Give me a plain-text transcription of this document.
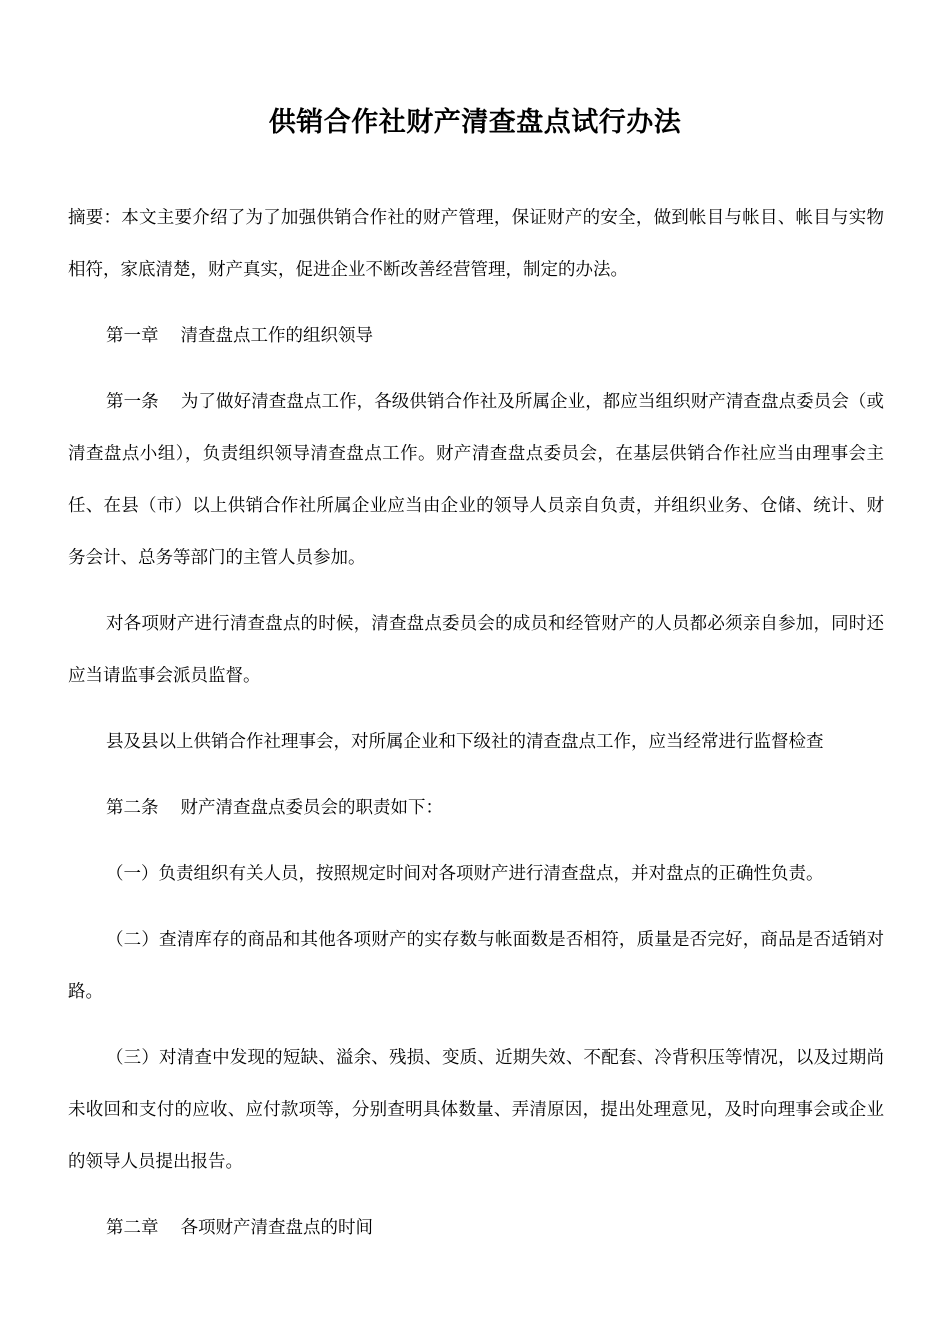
供销合作社财产清查盘点试行办法

摘要：本文主要介绍了为了加强供销合作社的财产管理，保证财产的安全，做到帐目与帐目、帐目与实物相符，家底清楚，财产真实，促进企业不断改善经营管理，制定的办法。

第一章 清查盘点工作的组织领导

第一条 为了做好清查盘点工作，各级供销合作社及所属企业，都应当组织财产清查盘点委员会（或清查盘点小组），负责组织领导清查盘点工作。财产清查盘点委员会，在基层供销合作社应当由理事会主任、在县（市）以上供销合作社所属企业应当由企业的领导人员亲自负责，并组织业务、仓储、统计、财务会计、总务等部门的主管人员参加。

对各项财产进行清查盘点的时候，清查盘点委员会的成员和经管财产的人员都必须亲自参加，同时还应当请监事会派员监督。

县及县以上供销合作社理事会，对所属企业和下级社的清查盘点工作，应当经常进行监督检查

第二条 财产清查盘点委员会的职责如下：

（一）负责组织有关人员，按照规定时间对各项财产进行清查盘点，并对盘点的正确性负责。

（二）查清库存的商品和其他各项财产的实存数与帐面数是否相符，质量是否完好，商品是否适销对路。

（三）对清查中发现的短缺、溢余、残损、变质、近期失效、不配套、冷背积压等情况，以及过期尚未收回和支付的应收、应付款项等，分别查明具体数量、弄清原因，提出处理意见，及时向理事会或企业的领导人员提出报告。

第二章 各项财产清查盘点的时间
